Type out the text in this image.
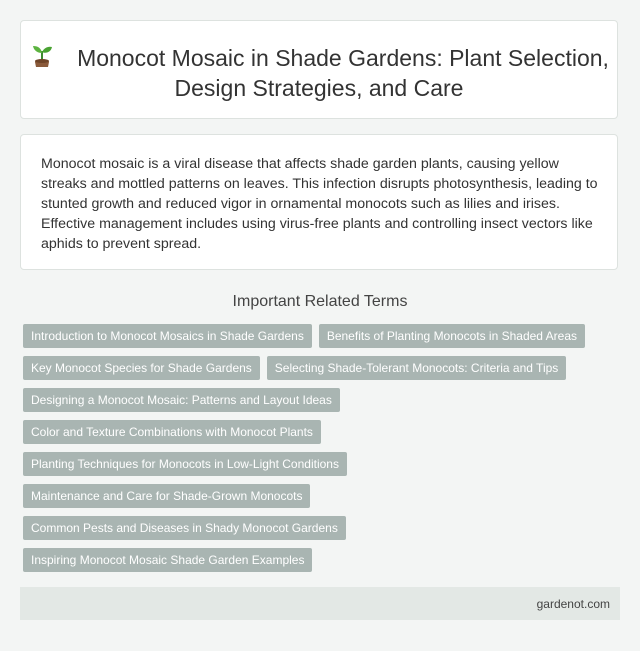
Monocot Mosaic in Shade Gardens: Plant Selection, Design Strategies, and Care

Monocot mosaic is a viral disease that affects shade garden plants, causing yellow streaks and mottled patterns on leaves. This infection disrupts photosynthesis, leading to stunted growth and reduced vigor in ornamental monocots such as lilies and irises. Effective management includes using virus-free plants and controlling insect vectors like aphids to prevent spread.

Important Related Terms
Introduction to Monocot Mosaics in Shade Gardens	Benefits of Planting Monocots in Shaded Areas
Key Monocot Species for Shade Gardens	Selecting Shade-Tolerant Monocots: Criteria and Tips
Designing a Monocot Mosaic: Patterns and Layout Ideas
Color and Texture Combinations with Monocot Plants
Planting Techniques for Monocots in Low-Light Conditions
Maintenance and Care for Shade-Grown Monocots
Common Pests and Diseases in Shady Monocot Gardens
Inspiring Monocot Mosaic Shade Garden Examples
gardenot.com
